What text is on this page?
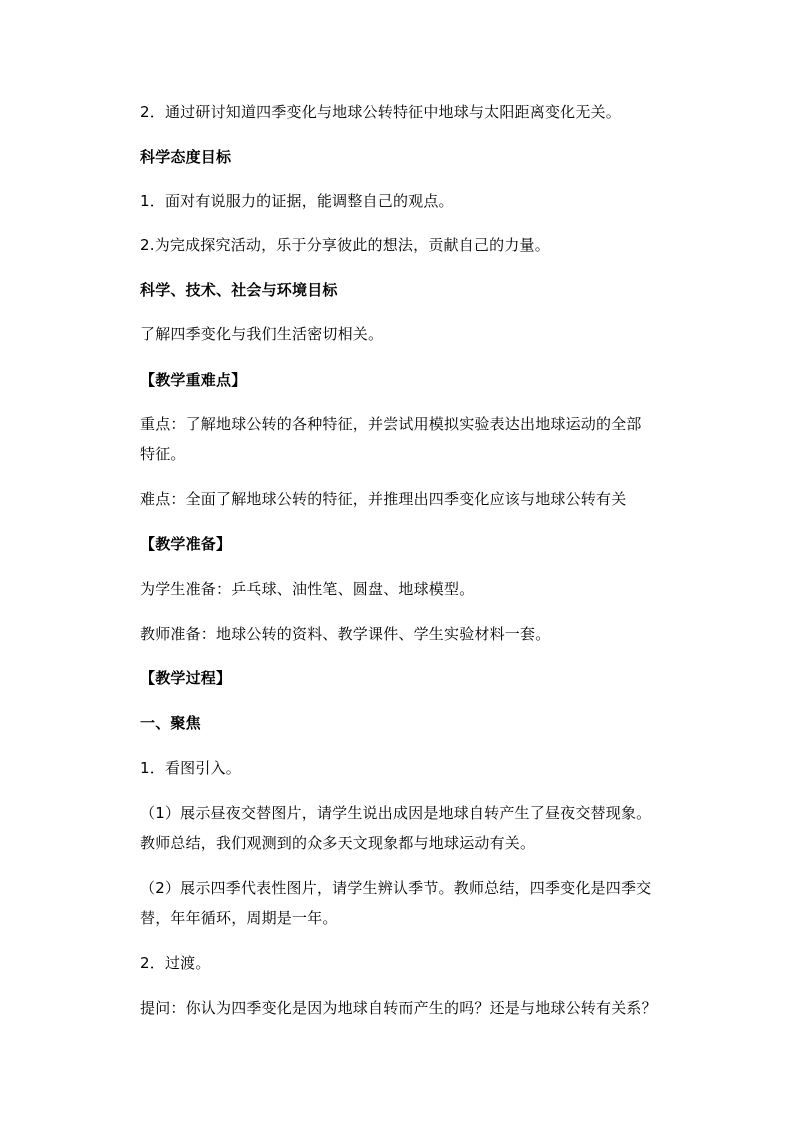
2．通过研讨知道四季变化与地球公转特征中地球与太阳距离变化无关。
科学态度目标
1．面对有说服力的证据，能调整自己的观点。
2.为完成探究活动，乐于分享彼此的想法，贡献自己的力量。
科学、技术、社会与环境目标
了解四季变化与我们生活密切相关。
【教学重难点】
重点：了解地球公转的各种特征，并尝试用模拟实验表达出地球运动的全部
特征。
难点：全面了解地球公转的特征，并推理出四季变化应该与地球公转有关
【教学准备】
为学生准备：乒乓球、油性笔、圆盘、地球模型。
教师准备：地球公转的资料、教学课件、学生实验材料一套。
【教学过程】
一、聚焦
1．看图引入。
（1）展示昼夜交替图片，请学生说出成因是地球自转产生了昼夜交替现象。
教师总结，我们观测到的众多天文现象都与地球运动有关。
（2）展示四季代表性图片，请学生辨认季节。教师总结，四季变化是四季交
替，年年循环，周期是一年。
2．过渡。
提问：你认为四季变化是因为地球自转而产生的吗？还是与地球公转有关系？
